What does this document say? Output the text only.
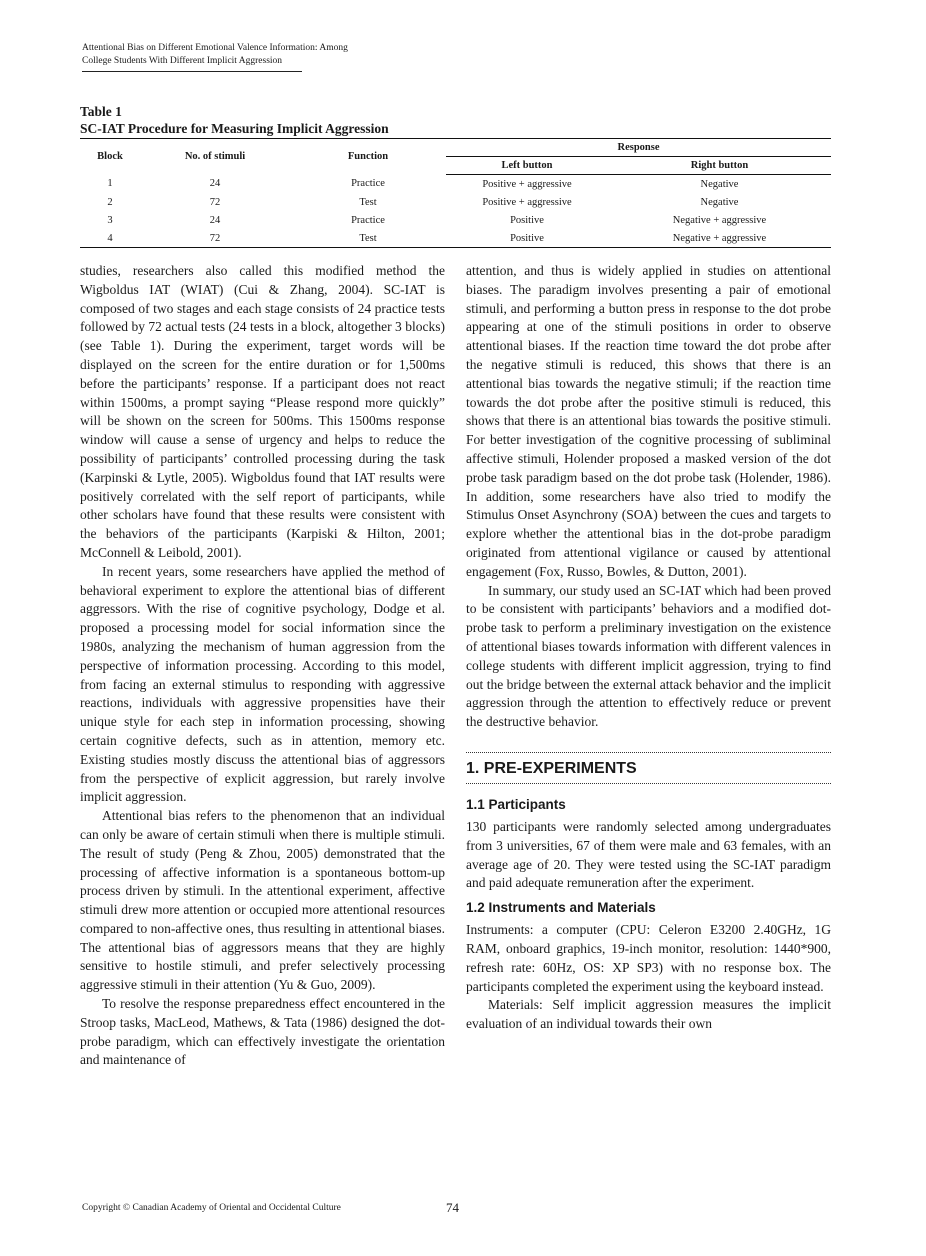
Attentional Bias on Different Emotional Valence Information: Among
College Students With Different Implicit Aggression
Table 1
SC-IAT Procedure for Measuring Implicit Aggression
Block	No. of stimuli	Function	Response	
			Left button	Right button
1	24	Practice	Positive + aggressive	Negative
2	72	Test	Positive + aggressive	Negative
3	24	Practice	Positive	Negative + aggressive
4	72	Test	Positive	Negative + aggressive

studies, researchers also called this modified method the Wigboldus IAT (WIAT) (Cui & Zhang, 2004). SC-IAT is composed of two stages and each stage consists of 24 practice tests followed by 72 actual tests (24 tests in a block, altogether 3 blocks) (see Table 1). During the experiment, target words will be displayed on the screen for the entire duration or for 1,500ms before the participants’ response. If a participant does not react within 1500ms, a prompt saying “Please respond more quickly” will be shown on the screen for 500ms. This 1500ms response window will cause a sense of urgency and helps to reduce the possibility of participants’ controlled processing during the task (Karpinski & Lytle, 2005). Wigboldus found that IAT results were positively correlated with the self report of participants, while other scholars have found that these results were consistent with the behaviors of the participants (Karpiski & Hilton, 2001; McConnell & Leibold, 2001).

In recent years, some researchers have applied the method of behavioral experiment to explore the attentional bias of different aggressors. With the rise of cognitive psychology, Dodge et al. proposed a processing model for social information since the 1980s, analyzing the mechanism of human aggression from the perspective of information processing. According to this model, from facing an external stimulus to responding with aggressive reactions, individuals with aggressive propensities have their unique style for each step in information processing, showing certain cognitive defects, such as in attention, memory etc. Existing studies mostly discuss the attentional bias of aggressors from the perspective of explicit aggression, but rarely involve implicit aggression.

Attentional bias refers to the phenomenon that an individual can only be aware of certain stimuli when there is multiple stimuli. The result of study (Peng & Zhou, 2005) demonstrated that the processing of affective information is a spontaneous bottom-up process driven by stimuli. In the attentional experiment, affective stimuli drew more attention or occupied more attentional resources compared to non-affective ones, thus resulting in attentional biases. The attentional bias of aggressors means that they are highly sensitive to hostile stimuli, and prefer selectively processing aggressive stimuli in their attention (Yu & Guo, 2009).

To resolve the response preparedness effect encountered in the Stroop tasks, MacLeod, Mathews, & Tata (1986) designed the dot-probe paradigm, which can effectively investigate the orientation and maintenance of

attention, and thus is widely applied in studies on attentional biases. The paradigm involves presenting a pair of emotional stimuli, and performing a button press in response to the dot probe appearing at one of the stimuli positions in order to observe attentional biases. If the reaction time toward the dot probe after the negative stimuli is reduced, this shows that there is an attentional bias towards the negative stimuli; if the reaction time towards the dot probe after the positive stimuli is reduced, this shows that there is an attentional bias towards the positive stimuli. For better investigation of the cognitive processing of subliminal affective stimuli, Holender proposed a masked version of the dot probe task paradigm based on the dot probe task (Holender, 1986). In addition, some researchers have also tried to modify the Stimulus Onset Asynchrony (SOA) between the cues and targets to explore whether the attentional bias in the dot-probe paradigm originated from attentional vigilance or caused by attentional engagement (Fox, Russo, Bowles, & Dutton, 2001).

In summary, our study used an SC-IAT which had been proved to be consistent with participants’ behaviors and a modified dot-probe task to perform a preliminary investigation on the existence of attentional biases towards information with different valences in college students with different implicit aggression, trying to find out the bridge between the external attack behavior and the implicit aggression through the attention to effectively reduce or prevent the destructive behavior.

1. PRE-EXPERIMENTS
1.1 Participants

130 participants were randomly selected among undergraduates from 3 universities, 67 of them were male and 63 females, with an average age of 20. They were tested using the SC-IAT paradigm and paid adequate remuneration after the experiment.

1.2 Instruments and Materials

Instruments: a computer (CPU: Celeron E3200 2.40GHz, 1G RAM, onboard graphics, 19-inch monitor, resolution: 1440*900, refresh rate: 60Hz, OS: XP SP3) with no response box. The participants completed the experiment using the keyboard instead.

Materials: Self implicit aggression measures the implicit evaluation of an individual towards their own

Copyright © Canadian Academy of Oriental and Occidental Culture	74
